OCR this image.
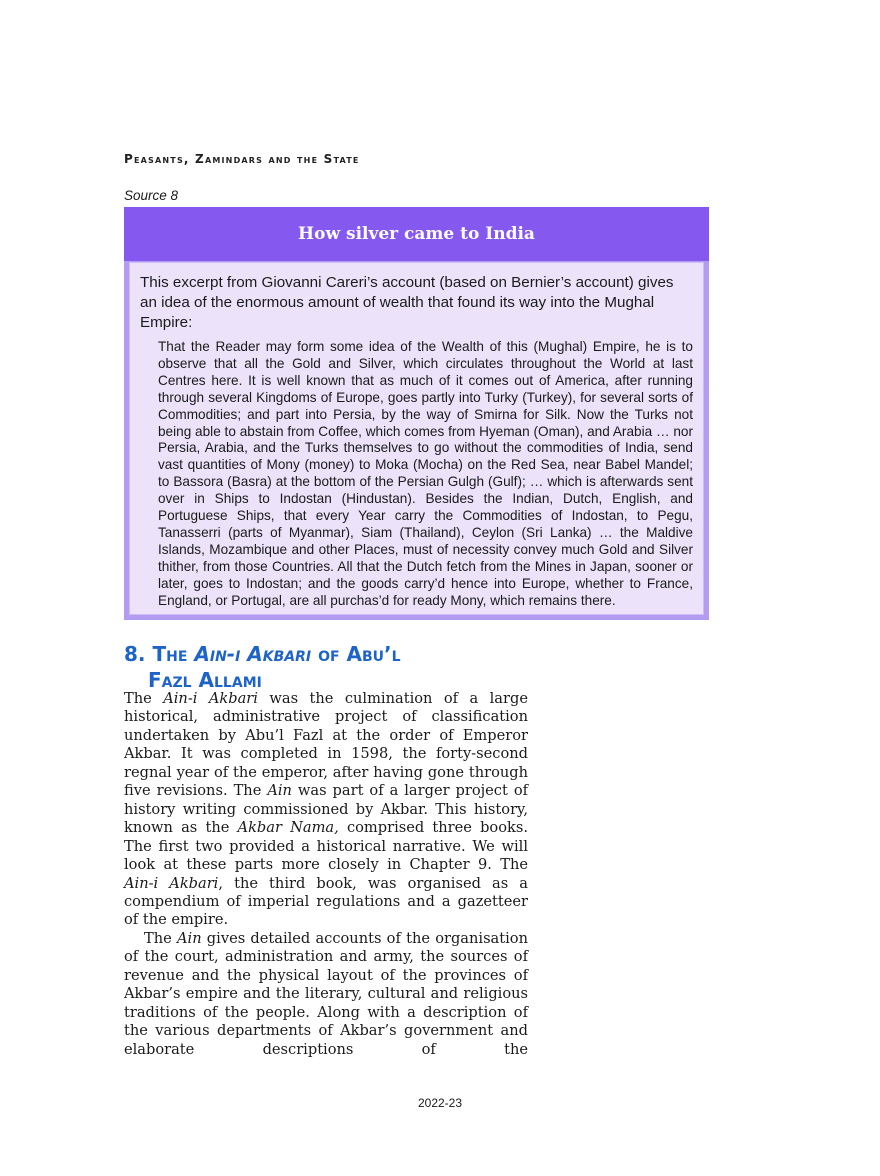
Peasants, Zamindars and the State
Source 8
How silver came to India

This excerpt from Giovanni Careri’s account (based on Bernier’s account) gives an idea of the enormous amount of wealth that found its way into the Mughal Empire:

That the Reader may form some idea of the Wealth of this (Mughal) Empire, he is to observe that all the Gold and Silver, which circulates throughout the World at last Centres here. It is well known that as much of it comes out of America, after running through several Kingdoms of Europe, goes partly into Turky (Turkey), for several sorts of Commodities; and part into Persia, by the way of Smirna for Silk. Now the Turks not being able to abstain from Coffee, which comes from Hyeman (Oman), and Arabia … nor Persia, Arabia, and the Turks themselves to go without the commodities of India, send vast quantities of Mony (money) to Moka (Mocha) on the Red Sea, near Babel Mandel; to Bassora (Basra) at the bottom of the Persian Gulgh (Gulf); … which is afterwards sent over in Ships to Indostan (Hindustan). Besides the Indian, Dutch, English, and Portuguese Ships, that every Year carry the Commodities of Indostan, to Pegu, Tanasserri (parts of Myanmar), Siam (Thailand), Ceylon (Sri Lanka) … the Maldive Islands, Mozambique and other Places, must of necessity convey much Gold and Silver thither, from those Countries. All that the Dutch fetch from the Mines in Japan, sooner or later, goes to Indostan; and the goods carry’d hence into Europe, whether to France, England, or Portugal, are all purchas’d for ready Mony, which remains there.

8. The Ain-i Akbari of Abu’l
Fazl Allami

The Ain-i Akbari was the culmination of a large historical, administrative project of classification undertaken by Abu’l Fazl at the order of Emperor Akbar. It was completed in 1598, the forty-second regnal year of the emperor, after having gone through five revisions. The Ain was part of a larger project of history writing commissioned by Akbar. This history, known as the Akbar Nama, comprised three books. The first two provided a historical narrative. We will look at these parts more closely in Chapter 9. The Ain-i Akbari, the third book, was organised as a compendium of imperial regulations and a gazetteer of the empire.

The Ain gives detailed accounts of the organisation of the court, administration and army, the sources of revenue and the physical layout of the provinces of Akbar’s empire and the literary, cultural and religious traditions of the people. Along with a description of the various departments of Akbar’s government and elaborate descriptions of the

2022-23
